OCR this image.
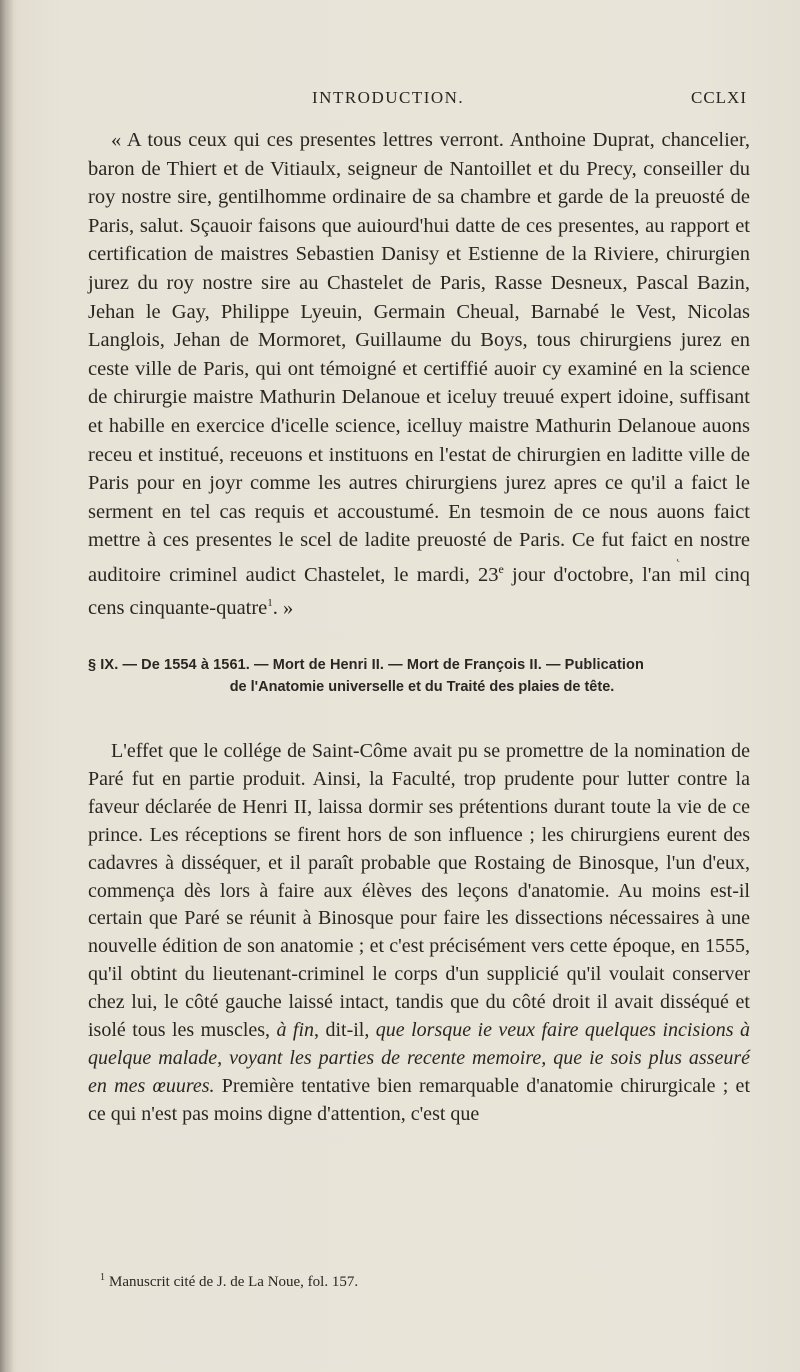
INTRODUCTION.	CCLXI
« A tous ceux qui ces presentes lettres verront. Anthoine Duprat, chancelier, baron de Thiert et de Vitiaulx, seigneur de Nantoillet et du Precy, conseiller du roy nostre sire, gentilhomme ordinaire de sa chambre et garde de la preuosté de Paris, salut. Sçauoir faisons que auiourd'hui datte de ces presentes, au rapport et certification de maistres Sebastien Danisy et Estienne de la Riviere, chirurgien jurez du roy nostre sire au Chastelet de Paris, Rasse Desneux, Pascal Bazin, Jehan le Gay, Philippe Lyeuin, Germain Cheual, Barnabé le Vest, Nicolas Langlois, Jehan de Mormoret, Guillaume du Boys, tous chirurgiens jurez en ceste ville de Paris, qui ont témoigné et certiffié auoir cy examiné en la science de chirurgie maistre Mathurin Delanoue et iceluy treuué expert idoine, suffisant et habille en exercice d'icelle science, icelluy maistre Mathurin Delanoue auons receu et institué, receuons et instituons en l'estat de chirurgien en laditte ville de Paris pour en joyr comme les autres chirurgiens jurez apres ce qu'il a faict le serment en tel cas requis et accoustumé. En tesmoin de ce nous auons faict mettre à ces presentes le scel de ladite preuosté de Paris. Ce fut faict en nostre auditoire criminel audict Chastelet, le mardi, 23e jour d'octobre, l'an mil cinq cens cinquante-quatre$^1$. »
˛
§ IX. — De 1554 à 1561. — Mort de Henri II. — Mort de François II. — Publication
de l'Anatomie universelle et du Traité des plaies de tête.
L'effet que le collége de Saint-Côme avait pu se promettre de la nomination de Paré fut en partie produit. Ainsi, la Faculté, trop prudente pour lutter contre la faveur déclarée de Henri II, laissa dormir ses prétentions durant toute la vie de ce prince. Les réceptions se firent hors de son influence ; les chirurgiens eurent des cadavres à disséquer, et il paraît probable que Rostaing de Binosque, l'un d'eux, commença dès lors à faire aux élèves des leçons d'anatomie. Au moins est-il certain que Paré se réunit à Binosque pour faire les dissections nécessaires à une nouvelle édition de son anatomie ; et c'est précisément vers cette époque, en 1555, qu'il obtint du lieutenant-criminel le corps d'un supplicié qu'il voulait conserver chez lui, le côté gauche laissé intact, tandis que du côté droit il avait disséqué et isolé tous les muscles, à fin, dit-il, que lorsque ie veux faire quelques incisions à quelque malade, voyant les parties de recente memoire, que ie sois plus asseuré en mes œuures. Première tentative bien remarquable d'anatomie chirurgicale ; et ce qui n'est pas moins digne d'attention, c'est que
$^1$ Manuscrit cité de J. de La Noue, fol. 157.
